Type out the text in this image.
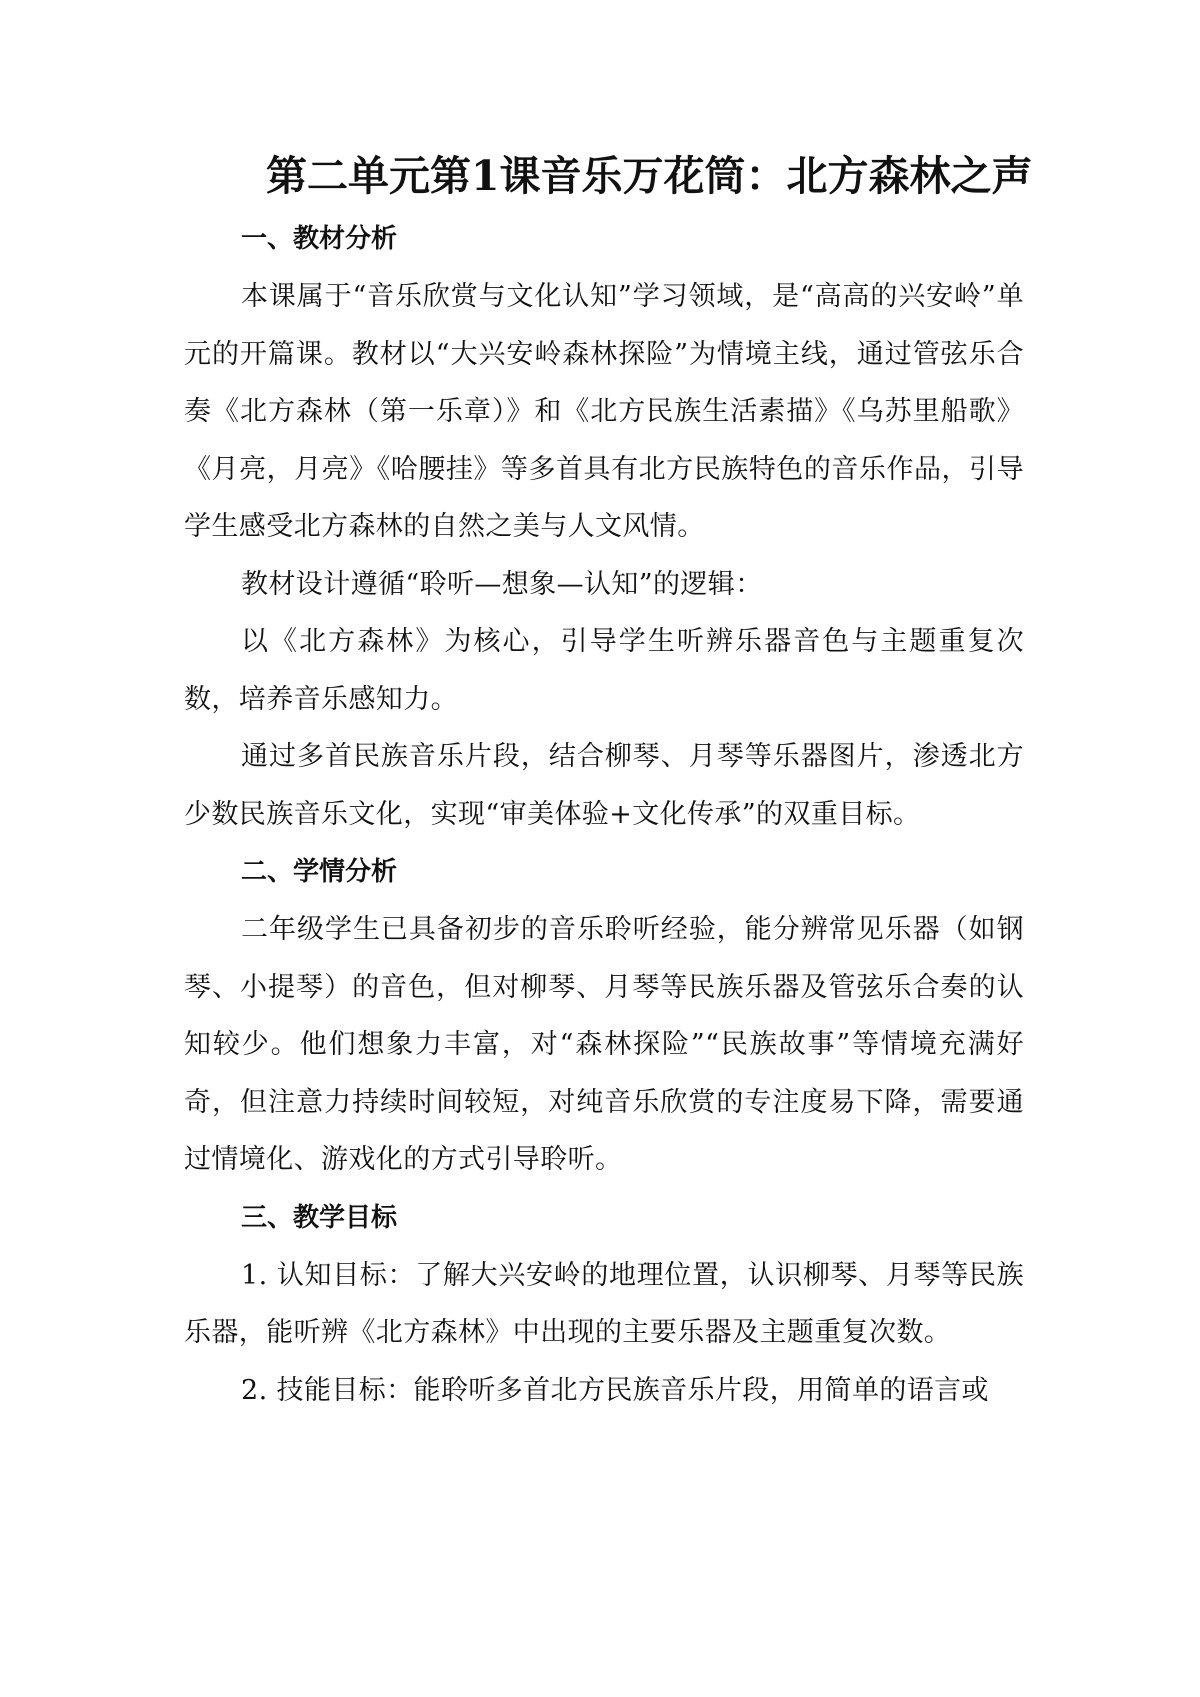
第二单元第1课音乐万花筒：北方森林之声
一、教材分析

本课属于“音乐欣赏与文化认知”学习领域，是“高高的兴安岭”单元的开篇课。教材以“大兴安岭森林探险”为情境主线，通过管弦乐合奏《北方森林（第一乐章）》和《北方民族生活素描》《乌苏里船歌》《月亮，月亮》《哈腰挂》等多首具有北方民族特色的音乐作品，引导学生感受北方森林的自然之美与人文风情。

教材设计遵循“聆听—想象—认知”的逻辑：

以《北方森林》为核心，引导学生听辨乐器音色与主题重复次数，培养音乐感知力。

通过多首民族音乐片段，结合柳琴、月琴等乐器图片，渗透北方少数民族音乐文化，实现“审美体验+文化传承”的双重目标。

二、学情分析

二年级学生已具备初步的音乐聆听经验，能分辨常见乐器（如钢琴、小提琴）的音色，但对柳琴、月琴等民族乐器及管弦乐合奏的认知较少。他们想象力丰富，对“森林探险”“民族故事”等情境充满好奇，但注意力持续时间较短，对纯音乐欣赏的专注度易下降，需要通过情境化、游戏化的方式引导聆听。

三、教学目标

1. 认知目标：了解大兴安岭的地理位置，认识柳琴、月琴等民族乐器，能听辨《北方森林》中出现的主要乐器及主题重复次数。

2. 技能目标：能聆听多首北方民族音乐片段，用简单的语言或
